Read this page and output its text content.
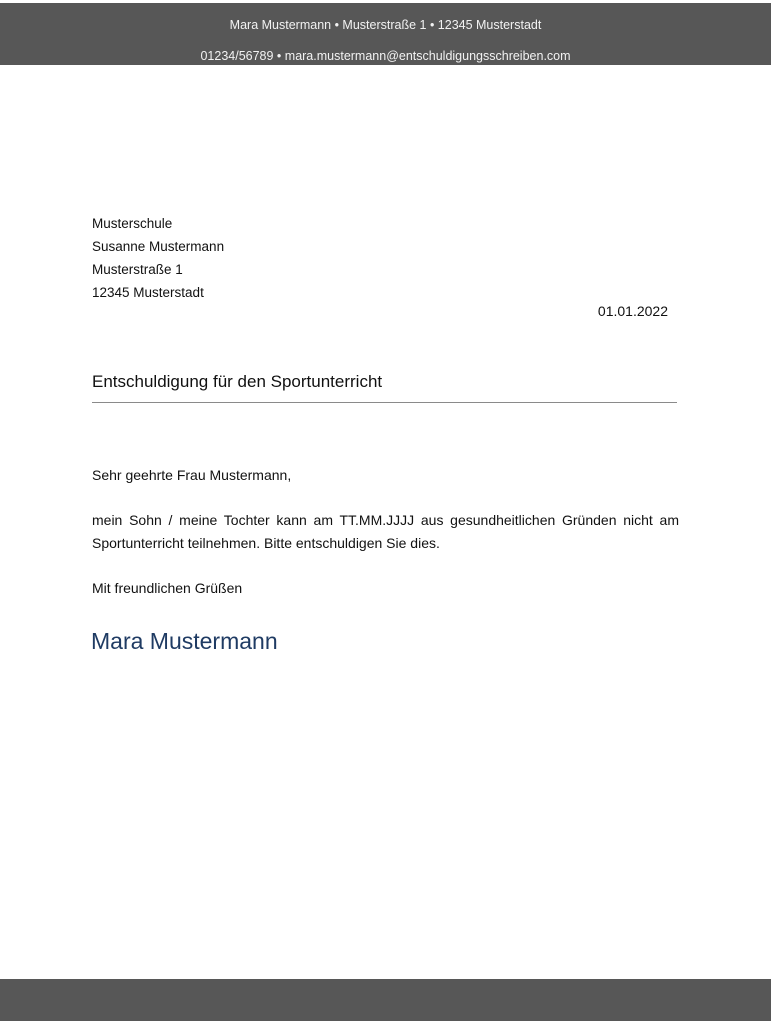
Mara Mustermann • Musterstraße 1 • 12345 Musterstadt
01234/56789 • mara.mustermann@entschuldigungsschreiben.com
Musterschule
Susanne Mustermann
Musterstraße 1
12345 Musterstadt
01.01.2022
Entschuldigung für den Sportunterricht
Sehr geehrte Frau Mustermann,
mein Sohn / meine Tochter kann am TT.MM.JJJJ aus gesundheitlichen Gründen nicht am Sportunterricht teilnehmen. Bitte entschuldigen Sie dies.
Mit freundlichen Grüßen
Mara Mustermann
